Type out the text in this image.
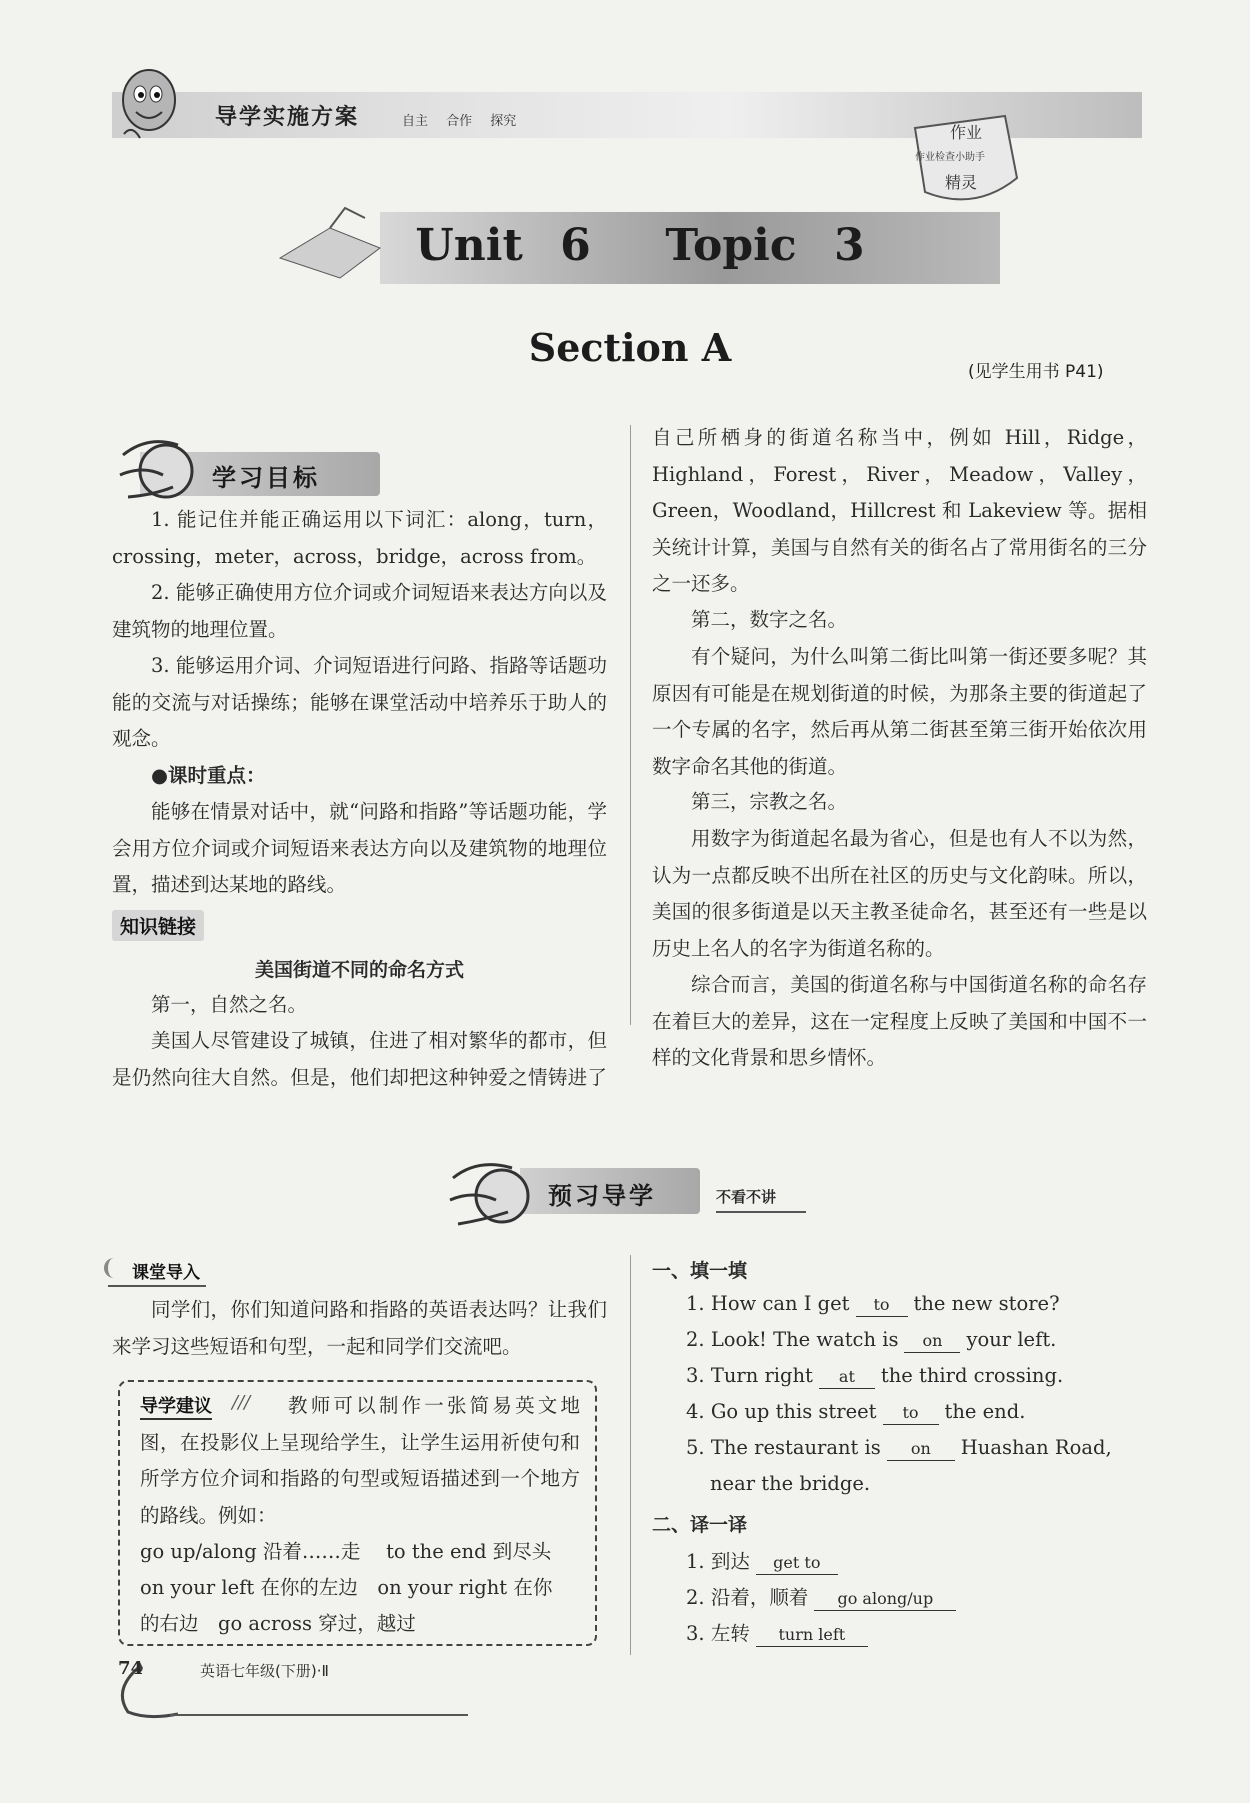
导学实施方案	自主 合作 探究
作业
作业检查小助手
精灵
Unit 6  Topic 3
Section A
(见学生用书 P41)
学习目标
1. 能记住并能正确运用以下词汇：along，turn，crossing，meter，across，bridge，across from。
2. 能够正确使用方位介词或介词短语来表达方向以及建筑物的地理位置。
3. 能够运用介词、介词短语进行问路、指路等话题功能的交流与对话操练；能够在课堂活动中培养乐于助人的观念。
●课时重点：
能够在情景对话中，就“问路和指路”等话题功能，学会用方位介词或介词短语来表达方向以及建筑物的地理位置，描述到达某地的路线。
知识链接
美国街道不同的命名方式
第一，自然之名。
美国人尽管建设了城镇，住进了相对繁华的都市，但是仍然向往大自然。但是，他们却把这种钟爱之情铸进了
自己所栖身的街道名称当中，例如 Hill，Ridge，Highland，Forest，River，Meadow，Valley，Green，Woodland，Hillcrest 和 Lakeview 等。据相关统计计算，美国与自然有关的街名占了常用街名的三分之一还多。
第二，数字之名。
有个疑问，为什么叫第二街比叫第一街还要多呢？其原因有可能是在规划街道的时候，为那条主要的街道起了一个专属的名字，然后再从第二街甚至第三街开始依次用数字命名其他的街道。
第三，宗教之名。
用数字为街道起名最为省心，但是也有人不以为然，认为一点都反映不出所在社区的历史与文化韵味。所以，美国的很多街道是以天主教圣徒命名，甚至还有一些是以历史上名人的名字为街道名称的。
综合而言，美国的街道名称与中国街道名称的命名存在着巨大的差异，这在一定程度上反映了美国和中国不一样的文化背景和思乡情怀。
预习导学	不看不讲
课堂导入
同学们，你们知道问路和指路的英语表达吗？让我们来学习这些短语和句型，一起和同学们交流吧。
导学建议 ///	教师可以制作一张简易英文地图，在投影仪上呈现给学生，让学生运用祈使句和所学方位介词和指路的句型或短语描述到一个地方的路线。例如：
go up/along 沿着……走　 to the end 到尽头
on your left 在你的左边　on your right 在你
的右边　go across 穿过，越过
一、填一填
1. How can I get to the new store?
2. Look! The watch is on your left.
3. Turn right at the third crossing.
4. Go up this street to the end.
5. The restaurant is on Huashan Road,
near the bridge.
二、译一译
1. 到达 get to
2. 沿着，顺着 go along/up
3. 左转 turn left
74	英语七年级(下册)·Ⅱ
